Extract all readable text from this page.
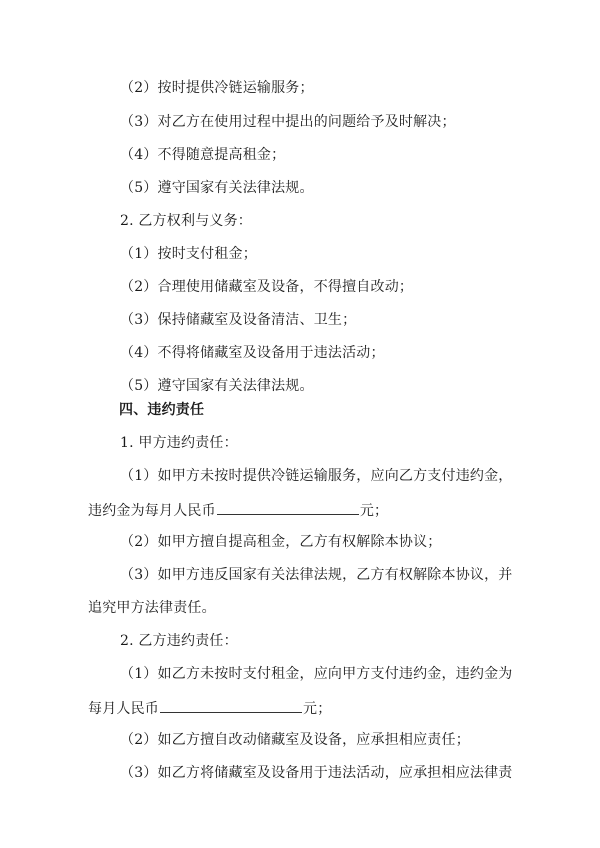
（2）按时提供冷链运输服务；
（3）对乙方在使用过程中提出的问题给予及时解决；
（4）不得随意提高租金；
（5）遵守国家有关法律法规。
2. 乙方权利与义务：
（1）按时支付租金；
（2）合理使用储藏室及设备，不得擅自改动；
（3）保持储藏室及设备清洁、卫生；
（4）不得将储藏室及设备用于违法活动；
（5）遵守国家有关法律法规。
四、违约责任
1. 甲方违约责任：
（1）如甲方未按时提供冷链运输服务，应向乙方支付违约金，
违约金为每月人民币	元；
（2）如甲方擅自提高租金，乙方有权解除本协议；
（3）如甲方违反国家有关法律法规，乙方有权解除本协议，并
追究甲方法律责任。
2. 乙方违约责任：
（1）如乙方未按时支付租金，应向甲方支付违约金，违约金为
每月人民币	元；
（2）如乙方擅自改动储藏室及设备，应承担相应责任；
（3）如乙方将储藏室及设备用于违法活动，应承担相应法律责
